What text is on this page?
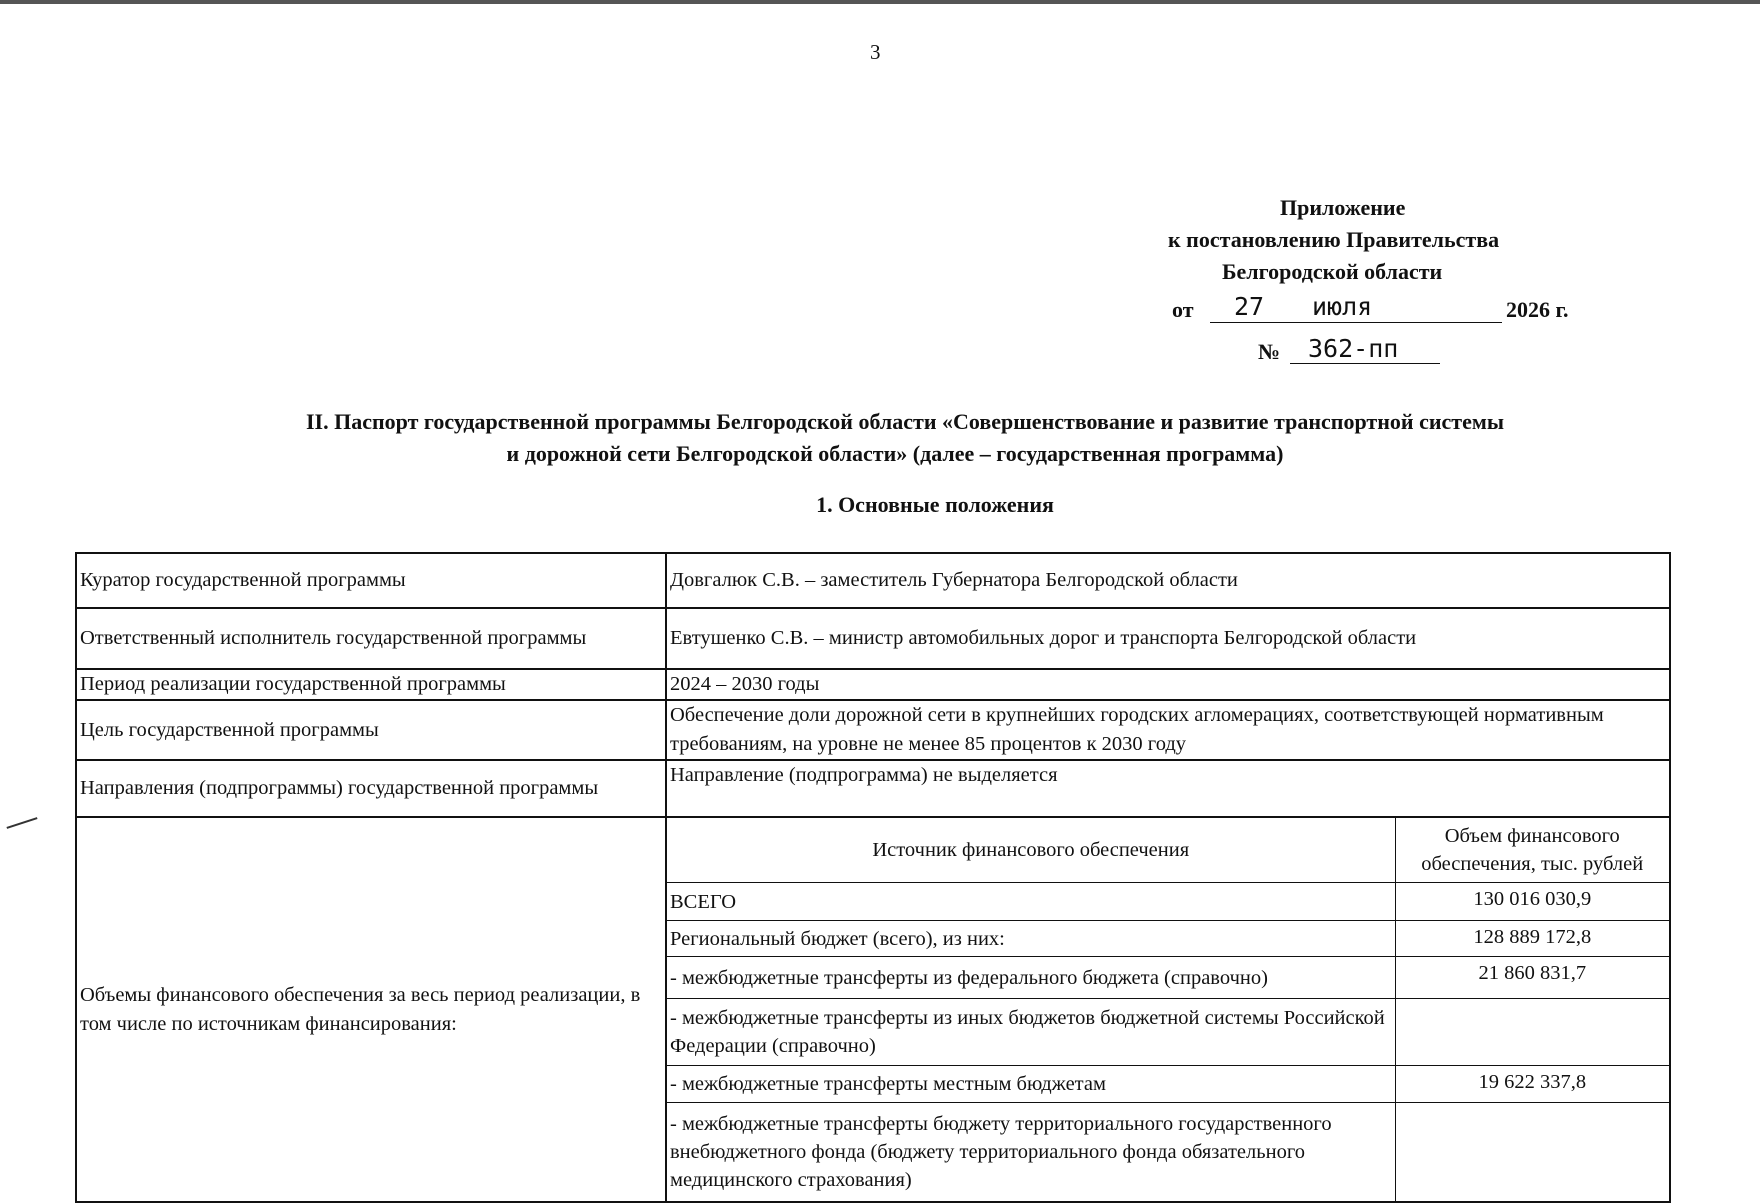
3
Приложение
к постановлению Правительства
Белгородской области
от 27 июля	2026 г.
№ 362-пп
II. Паспорт государственной программы Белгородской области «Совершенствование и развитие транспортной системы
и дорожной сети Белгородской области» (далее – государственная программа)
1. Основные положения
Куратор государственной программы	Довгалюк С.В. – заместитель Губернатора Белгородской области
Ответственный исполнитель государственной программы	Евтушенко С.В. – министр автомобильных дорог и транспорта Белгородской области
Период реализации государственной программы	2024 – 2030 годы
Цель государственной программы	Обеспечение доли дорожной сети в крупнейших городских агломерациях, соответствующей нормативным требованиям, на уровне не менее 85 процентов к 2030 году
Направления (подпрограммы) государственной программы	Направление (подпрограмма) не выделяется
Объемы финансового обеспечения за весь период реализации, в том числе по источникам финансирования:	
Источник финансового обеспечения	Объем финансового обеспечения, тыс. рублей
ВСЕГО	130 016 030,9
Региональный бюджет (всего), из них:	128 889 172,8
- межбюджетные трансферты из федерального бюджета (справочно)	21 860 831,7
- межбюджетные трансферты из иных бюджетов бюджетной системы Российской Федерации (справочно)	
- межбюджетные трансферты местным бюджетам	19 622 337,8
- межбюджетные трансферты бюджету территориального государственного внебюджетного фонда (бюджету территориального фонда обязательного медицинского страхования)	
